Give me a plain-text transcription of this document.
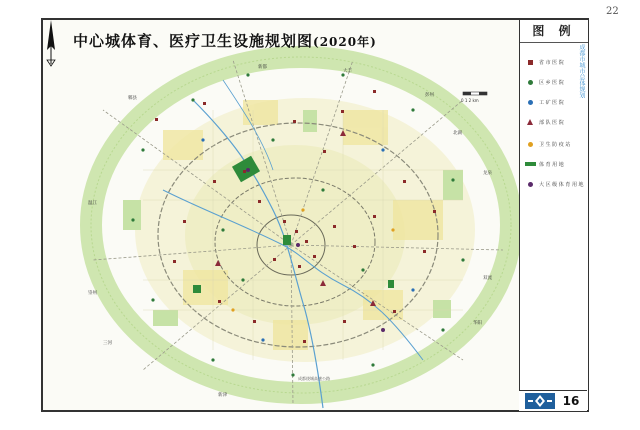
22
中心城体育、医疗卫生设施规划图(2020年)
郫县
新都
彭州
龙泉
温江
双流
华阳
新津
崇州
大丰
三河
北湖
0 1 2 km
成都绕城高速公路
图 例
省 市 医 院
区 乡 医 院
工 矿 医 院
部 队 医 院
卫 生 防 疫 站
体 育 用 地
大 区 级 体 育 用 地
成都市城市总体规划
16
